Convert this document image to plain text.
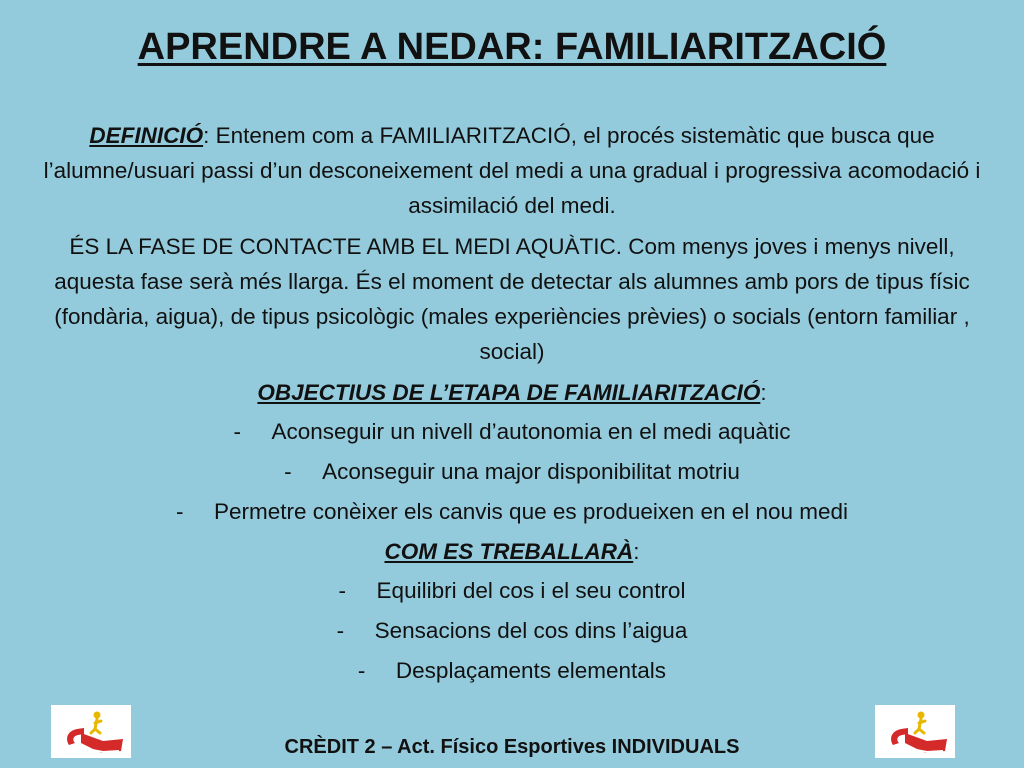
APRENDRE A NEDAR: FAMILIARITZACIÓ

DEFINICIÓ: Entenem com a FAMILIARITZACIÓ, el procés sistemàtic que busca que l’alumne/usuari passi d’un desconeixement del medi a una gradual i progressiva acomodació i assimilació del medi.

ÉS LA FASE DE CONTACTE AMB EL MEDI AQUÀTIC. Com menys joves i menys nivell, aquesta fase serà més llarga. És el moment de detectar als alumnes amb pors de tipus físic (fondària, aigua), de tipus psicològic (males experiències prèvies) o socials (entorn familiar , social)

OBJECTIUS DE L’ETAPA DE FAMILIARITZACIÓ:

- Aconseguir un nivell d’autonomia en el medi aquàtic

- Aconseguir una major disponibilitat motriu

- Permetre conèixer els canvis que es produeixen en el nou medi

COM ES TREBALLARÀ:

- Equilibri del cos i el seu control

- Sensacions del cos dins l’aigua

- Desplaçaments elementals

CRÈDIT 2 – Act. Físico Esportives INDIVIDUALS
